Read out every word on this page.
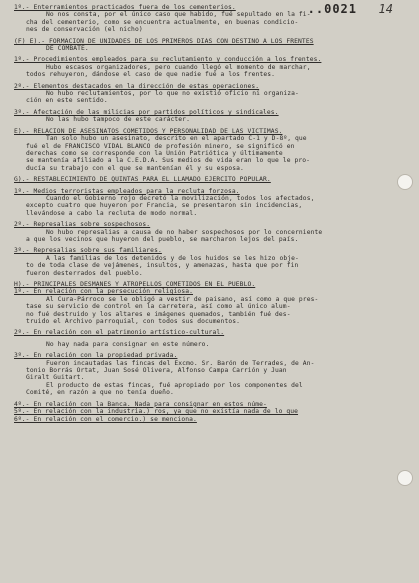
..0021 14
1º.- Enterramientos practicados fuera de los cementerios.
No nos consta, por el único caso que habido, fué sepultado en la fi-
cha del cementerio, como se encuentra actualmente, en buenas condicio-
nes de conservación (el nicho)
(F) E).- FORMACIÓN DE UNIDADES DE LOS PRIMEROS DÍAS CON DESTINO A LOS FRENTES
DE COMBATE.
1º.- Procedimientos empleados para su reclutamiento y conducción a los frentes.
Hubo escasos organizadores, pero cuando llegó el momento de marchar,
todos rehuyeron, dándose el caso de que nadie fué a los frentes.
2º.- Elementos destacados en la dirección de estas operaciones.
No hubo reclutamientos, por lo que no existió oficio ni organiza-
ción en este sentido.
3º.- Afectación de las milicias por partidos políticos y sindicales.
No las hubo tampoco de este carácter.
E).- RELACIÓN DE ASESINATOS COMETIDOS Y PERSONALIDAD DE LAS VÍCTIMAS.
Tan solo hubo un asesinato, descrito en el apartado C-1 y D-8º, que
fué el de FRANCISCO VIDAL BLANCO de profesión minero, se significó en
derechas como se corresponde con la Unión Patriótica y últimamente
se mantenía afiliado a la C.E.D.A. Sus medios de vida eran lo que le pro-
ducía su trabajo con el que se mantenían él y su esposa.
G).- RESTABLECIMIENTO DE QUINTAS PARA EL LLAMADO EJÉRCITO POPULAR.
1º.- Medios terroristas empleados para la recluta forzosa.
Cuando el Gobierno rojo decretó la movilización, todos los afectados,
excepto cuatro que huyeron por Francia, se presentaron sin incidencias,
llevándose a cabo la recluta de modo normal.
2º.- Represalias sobre sospechosos.
No hubo represalias a causa de no haber sospechosos por lo concerniente
a que los vecinos que huyeron del pueblo, se marcharon lejos del país.
3º.- Represalias sobre sus familiares.
A las familias de los detenidos y de los huidos se les hizo obje-
to de toda clase de vejámenes, insultos, y amenazas, hasta que por fin
fueron desterrados del pueblo.
H).- PRINCIPALES DESMANES Y ATROPELLOS COMETIDOS EN EL PUEBLO.
1º.- En relación con la persecución religiosa.
Al Cura-Párroco se le obligó a vestir de paisano, así como a que pres-
tase su servicio de control en la carretera, así como al único alum-
no fué destruido y los altares e imágenes quemados, también fué des-
truido el Archivo parroquial, con todos sus documentos.
2º.- En relación con el patrimonio artístico-cultural.
No hay nada para consignar en este número.
3º.- En relación con la propiedad privada.
Fueron incautadas las fincas del Excmo. Sr. Barón de Terrades, de An-
tonio Borrás Ortat, Juan Sosé Olivera, Alfonso Campa Carrión y Juan
Giralt Guitart.
El producto de estas fincas, fué apropiado por los componentes del
Comité, en razón a que no tenía dueño.
4º.- En relación con la Banca. Nada para consignar en estos núme-
5º.- En relación con la industria.) ros, ya que no existía nada de lo que
6º.- En relación con el comercio.) se menciona.
